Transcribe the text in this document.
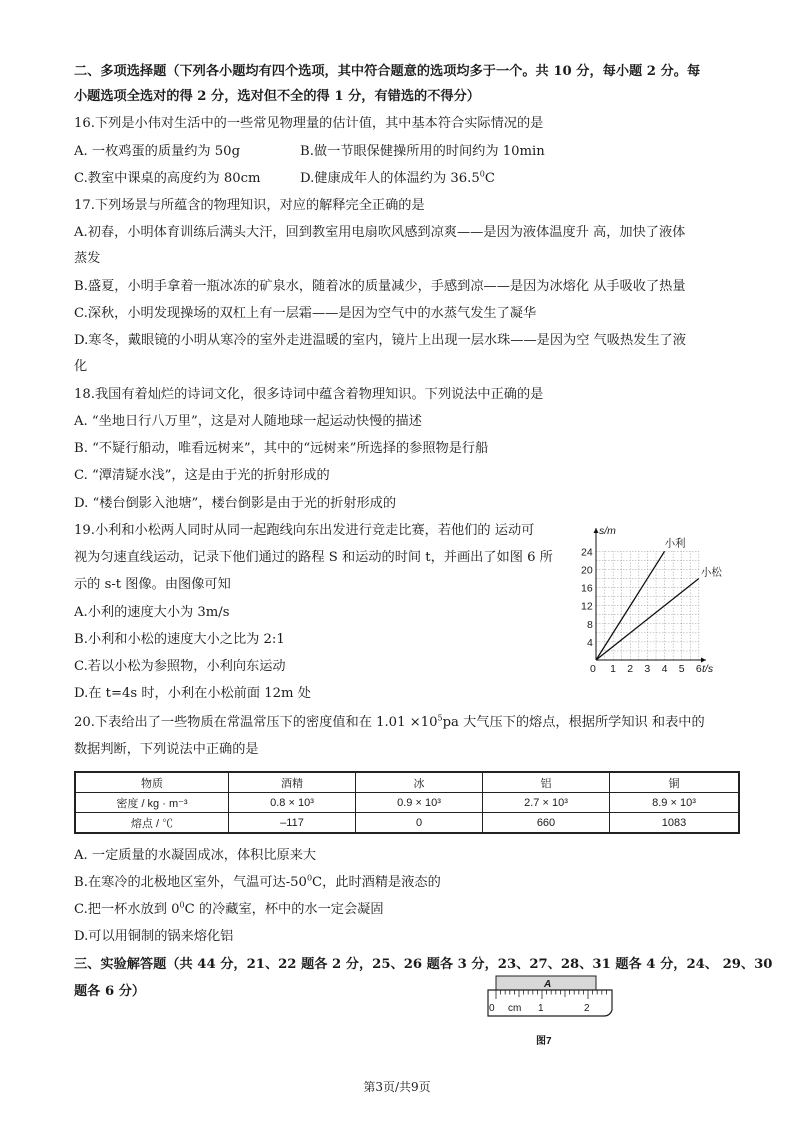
二、多项选择题（下列各小题均有四个选项，其中符合题意的选项均多于一个。共 10 分，每小题 2 分。每
小题选项全选对的得 2 分，选对但不全的得 1 分，有错选的不得分）
16.下列是小伟对生活中的一些常见物理量的估计值，其中基本符合实际情况的是
A. 一枚鸡蛋的质量约为 50g	B.做一节眼保健操所用的时间约为 10min
C.教室中课桌的高度约为 80cm	D.健康成年人的体温约为 36.5$^0$C
17.下列场景与所蕴含的物理知识，对应的解释完全正确的是
A.初春，小明体育训练后满头大汗，回到教室用电扇吹风感到凉爽——是因为液体温度升 高，加快了液体
蒸发
B.盛夏，小明手拿着一瓶冰冻的矿泉水，随着冰的质量减少，手感到凉——是因为冰熔化 从手吸收了热量
C.深秋，小明发现操场的双杠上有一层霜——是因为空气中的水蒸气发生了凝华
D.寒冬，戴眼镜的小明从寒冷的室外走进温暖的室内，镜片上出现一层水珠——是因为空 气吸热发生了液
化
18.我国有着灿烂的诗词文化，很多诗词中蕴含着物理知识。下列说法中正确的是
A. “坐地日行八万里”，这是对人随地球一起运动快慢的描述
B. “不疑行船动，唯看远树来”，其中的“远树来”所选择的参照物是行船
C. “潭清疑水浅”，这是由于光的折射形成的
D. “楼台倒影入池塘”，楼台倒影是由于光的折射形成的
19.小利和小松两人同时从同一起跑线向东出发进行竞走比赛，若他们的 运动可
视为匀速直线运动，记录下他们通过的路程 S 和运动的时间 t，并画出了如图 6 所
示的 s-t 图像。由图像可知
A.小利的速度大小为 3m/s
B.小利和小松的速度大小之比为 2:1
C.若以小松为参照物，小利向东运动
D.在 t=4s 时，小利在小松前面 12m 处
0 1 2 3 4 5 6
4
8
12
16
20
24
小利
小松
s/m
t/s
20.下表给出了一些物质在常温常压下的密度值和在 $1.01 \times 10^5pa$ 大气压下的熔点，根据所学知识 和表中的
数据判断，下列说法中正确的是
物质	酒精	冰	铝	铜
密度 / kg · m⁻³	0.8 × 10³	0.9 × 10³	2.7 × 10³	8.9 × 10³
熔点 / ℃	–117	0	660	1083
A. 一定质量的水凝固成冰，体积比原来大
B.在寒冷的北极地区室外，气温可达$-50^0C$，此时酒精是液态的
C.把一杯水放到 $0^0C$ 的冷藏室，杯中的水一定会凝固
D.可以用铜制的锅来熔化铝
三、实验解答题（共 44 分，21、22 题各 2 分，25、26 题各 3 分，23、27、28、31 题各 4 分，24、 29、30
题各 6 分）	A
0 cm 1	2
图7
第3页/共9页
